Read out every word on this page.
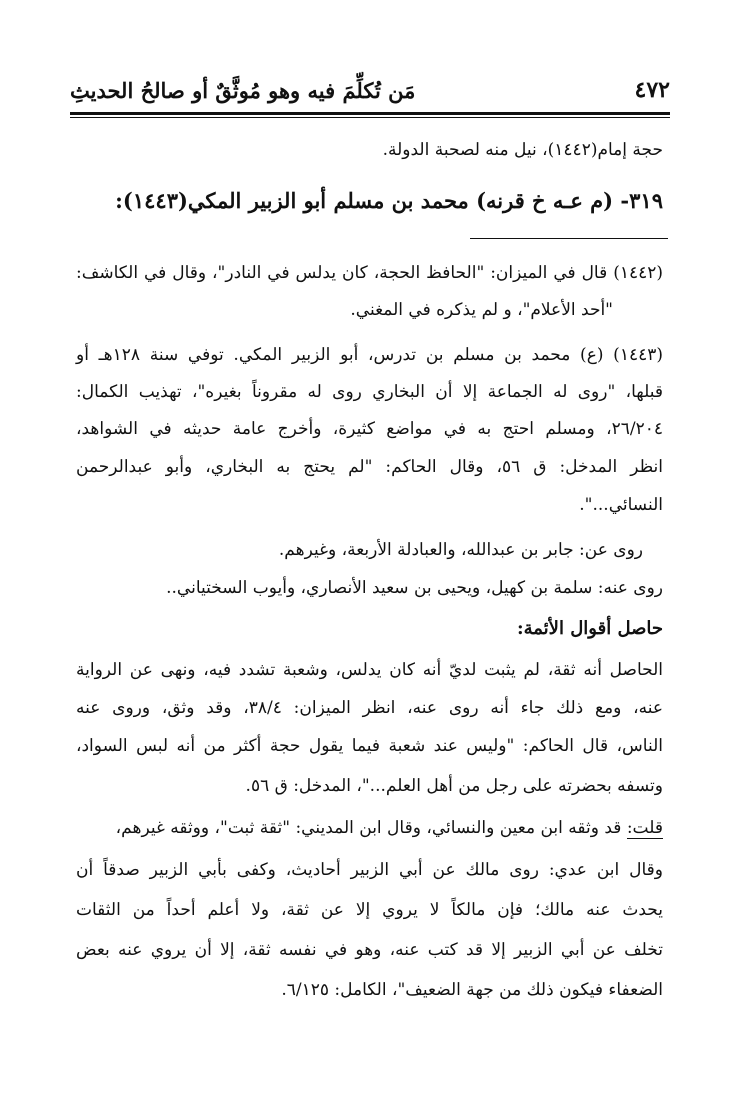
٤٧٢
مَن تُكلِّمَ فيه وهو مُوثَّقٌ أو صالحُ الحديثِ
حجة إمام(١٤٤٢)، نيل منه لصحبة الدولة.
٣١٩- (م عـه خ قرنه) محمد بن مسلم أبو الزبير المكي(١٤٤٣):
(١٤٤٢) قال في الميزان: "الحافظ الحجة، كان يدلس في النادر"، وقال في الكاشف:
"أحد الأعلام"، و لم يذكره في المغني.
(١٤٤٣) (ع) محمد بن مسلم بن تدرس، أبو الزبير المكي. توفي سنة ١٢٨هـ أو
قبلها، "روى له الجماعة إلا أن البخاري روى له مقروناً بغيره"، تهذيب الكمال:
٢٦/٢٠٤، ومسلم احتج به في مواضع كثيرة، وأخرج عامة حديثه في الشواهد،
انظر المدخل: ق ٥٦، وقال الحاكم: "لم يحتج به البخاري، وأبو عبدالرحمن
النسائي...".
روى عن: جابر بن عبدالله، والعبادلة الأربعة، وغيرهم.
روى عنه: سلمة بن كهيل، ويحيى بن سعيد الأنصاري، وأيوب السختياني..
حاصل أقوال الأئمة:
الحاصل أنه ثقة، لم يثبت لديّ أنه كان يدلس، وشعبة تشدد فيه، ونهى عن الرواية
عنه، ومع ذلك جاء أنه روى عنه، انظر الميزان: ٣٨/٤، وقد وثق، وروى عنه
الناس، قال الحاكم: "وليس عند شعبة فيما يقول حجة أكثر من أنه لبس السواد،
وتسفه بحضرته على رجل من أهل العلم..."، المدخل: ق ٥٦.
قلت: قد وثقه ابن معين والنسائي، وقال ابن المديني: "ثقة ثبت"، ووثقه غيرهم،
وقال ابن عدي: روى مالك عن أبي الزبير أحاديث، وكفى بأبي الزبير صدقاً أن
يحدث عنه مالك؛ فإن مالكاً لا يروي إلا عن ثقة، ولا أعلم أحداً من الثقات
تخلف عن أبي الزبير إلا قد كتب عنه، وهو في نفسه ثقة، إلا أن يروي عنه بعض
الضعفاء فيكون ذلك من جهة الضعيف"، الكامل: ٦/١٢٥.
